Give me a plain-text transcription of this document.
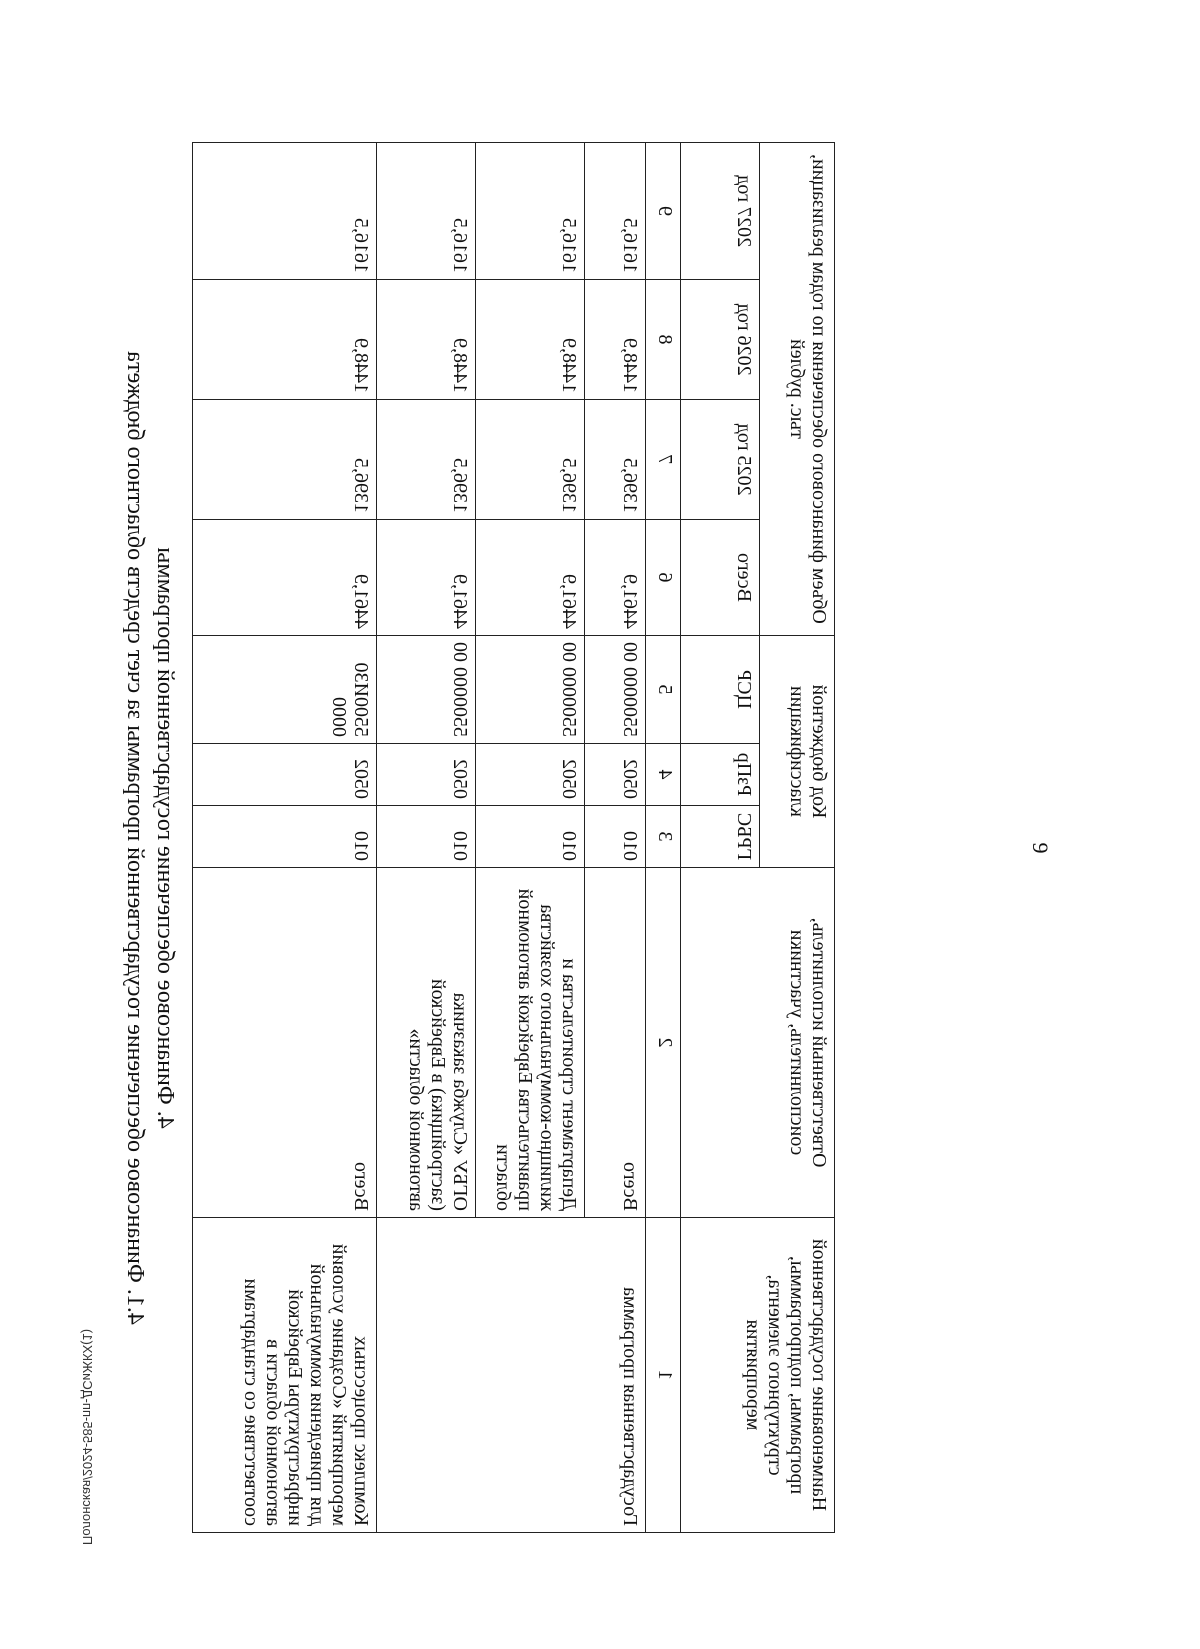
9
4. Финансовое обеспечение государственной программы
4.1. Финансовое обеспечение государственной программы за счет средств областного бюджета
Наименование государственной программы, подпрограммы, структурного элемента, мероприятия	Ответственный исполнитель, соисполнитель, участники	Код бюджетной классификации			Объем финансового обеспечения по годам реализации, тыс. рублей			
		ГРБС	РзПр	ЦСР	Всего	2025 год	2026 год	2027 год
1	2	3	4	5	6	7	8	9
Государственная программа	Всего	010	0502	5500000 00	4461,9	1396,5	1448,9	1616,5
	Департамент строительства и жилищно-коммунального хозяйства правительства Еврейской автономной области	010	0502	5500000 00	4461,9	1396,5	1448,9	1616,5
	ОГБУ «Служба заказчика (застройщика) в Еврейской автономной области»	010	0502	5500000 00	4461,9	1396,5	1448,9	1616,5
Комплекс процессных мероприятий «Создание условий для приведения коммунальной инфраструктуры Еврейской автономной области в соответствие со стандартами	Всего	010	0502	5500ИЗ0 0000	4461,9	1396,5	1448,9	1616,5
Полонская/2024-585-пп-ДСиЖКХ(1)
